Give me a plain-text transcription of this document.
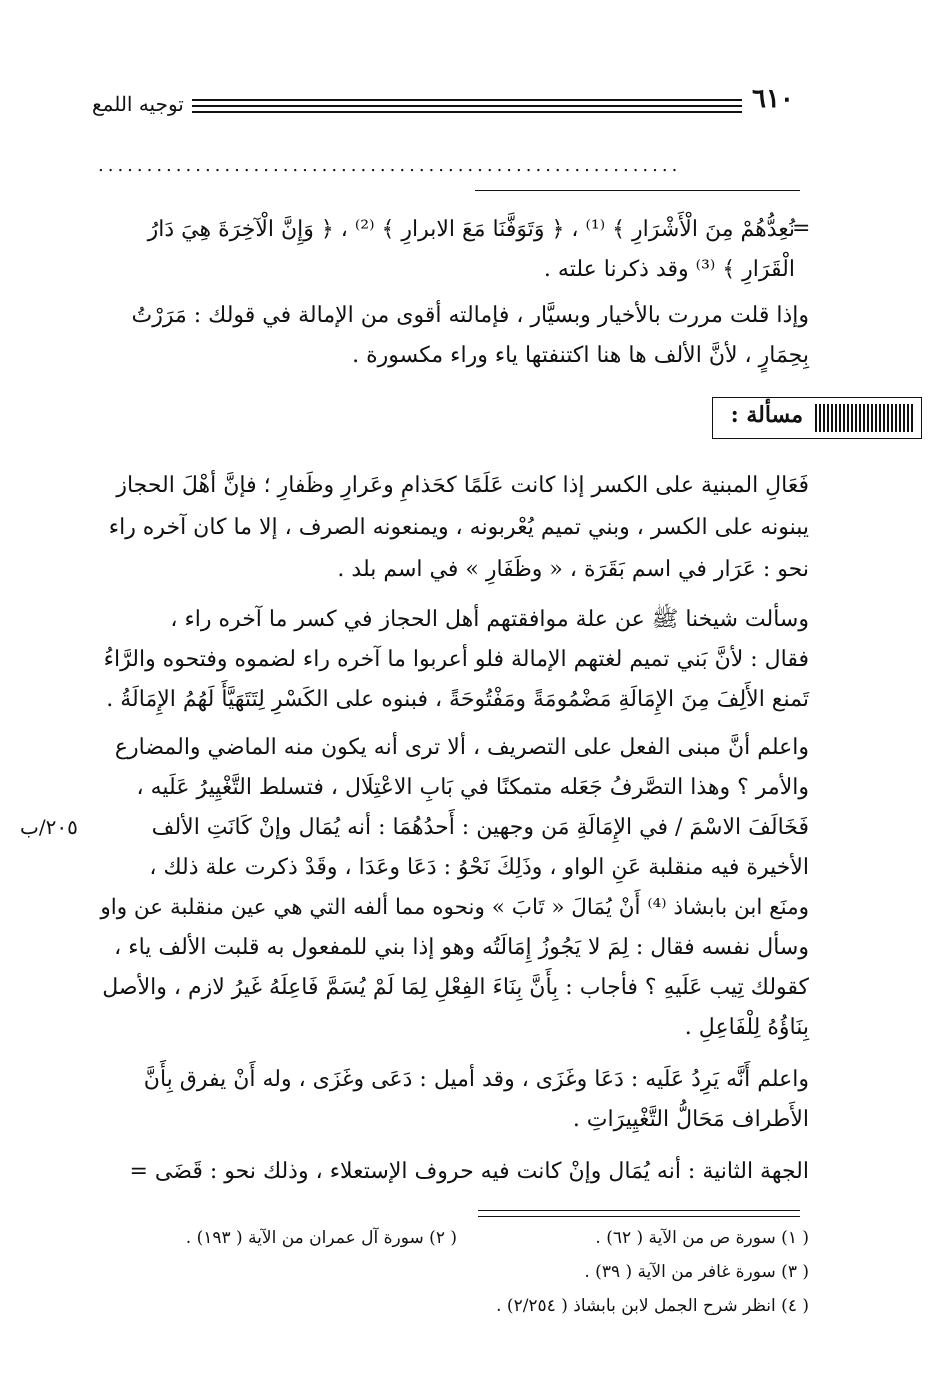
توجيه اللمع	٦١٠
............................................................
=
نُعِدُّهُمْ مِنَ الْأَشْرَارِ ﴾ ⁽¹⁾ ، ﴿ وَتَوَفَّنَا مَعَ الابرارِ ﴾ ⁽²⁾ ، ﴿ وَإِنَّ الْآخِرَةَ هِيَ دَارُ
الْقَرَارِ ﴾ ⁽³⁾ وقد ذكرنا علته .
وإذا قلت مررت بالأخيار وبسيَّار ، فإمالته أقوى من الإمالة في قولك : مَرَرْتُ
بِحِمَارٍ ، لأنَّ الألف ها هنا اكتنفتها ياء وراء مكسورة .
مسألة :
فَعَالِ المبنية على الكسر إذا كانت عَلَمًا كحَذامِ وعَرارِ وظَفارِ ؛ فإنَّ أهْلَ الحجاز
يبنونه على الكسر ، وبني تميم يُعْربونه ، ويمنعونه الصرف ، إلا ما كان آخره راء
نحو : عَرَار في اسم بَقَرَة ، « وظَفَارِ » في اسم بلد .
وسألت شيخنا ﷺ عن علة موافقتهم أهل الحجاز في كسر ما آخره راء ،
فقال : لأنَّ بَني تميم لغتهم الإمالة فلو أعربوا ما آخره راء لضموه وفتحوه والرَّاءُ
تَمنع الأَلِفَ مِنَ الإِمَالَةِ مَضْمُومَةً ومَفْتُوحَةً ، فبنوه على الكَسْرِ لِتَتَهَيَّأَ لَهُمُ الإِمَالَةُ .
واعلم أنَّ مبنى الفعل على التصريف ، ألا ترى أنه يكون منه الماضي والمضارع
والأمر ؟ وهذا التصَّرفُ جَعَله متمكنًا في بَابِ الاعْتِلَال ، فتسلط التَّغْيِيرُ عَلَيه ،
فَخَالَفَ الاسْمَ / في الإِمَالَةِ مَن وجهين : أَحدُهُمَا : أنه يُمَال وإنْ كَانَتِ الألف
٢٠٥/ب
الأخيرة فيه منقلبة عَنِ الواو ، وذَلِكَ نَحْوُ : دَعَا وعَدَا ، وقَدْ ذكرت علة ذلك ،
ومنَع ابن بابشاذ ⁽⁴⁾ أَنْ يُمَالَ « تَابَ » ونحوه مما ألفه التي هي عين منقلبة عن واو
وسأل نفسه فقال : لِمَ لا يَجُوزُ إِمَالَتُه وهو إذا بني للمفعول به قلبت الألف ياء ،
كقولك تِيب عَلَيهِ ؟ فأجاب : بِأَنَّ بِنَاءَ الفِعْلِ لِمَا لَمْ يُسَمَّ فَاعِلَهُ غَيرُ لازم ، والأصل
بِنَاؤُهُ لِلْفَاعِلِ .
واعلم أَنَّه يَرِدُ عَلَيه : دَعَا وغَزَى ، وقد أميل : دَعَى وغَزَى ، وله أَنْ يفرق بِأَنَّ
الأَطراف مَحَالُّ التَّغْيِيرَاتِ .
الجهة الثانية : أنه يُمَال وإنْ كانت فيه حروف الإستعلاء ، وذلك نحو : قَضَى =
( ١) سورة ص من الآية ( ٦٢) .
( ٢) سورة آل عمران من الآية ( ١٩٣) .
( ٣) سورة غافر من الآية ( ٣٩) .
( ٤) انظر شرح الجمل لابن بابشاذ ( ٢/٢٥٤) .
